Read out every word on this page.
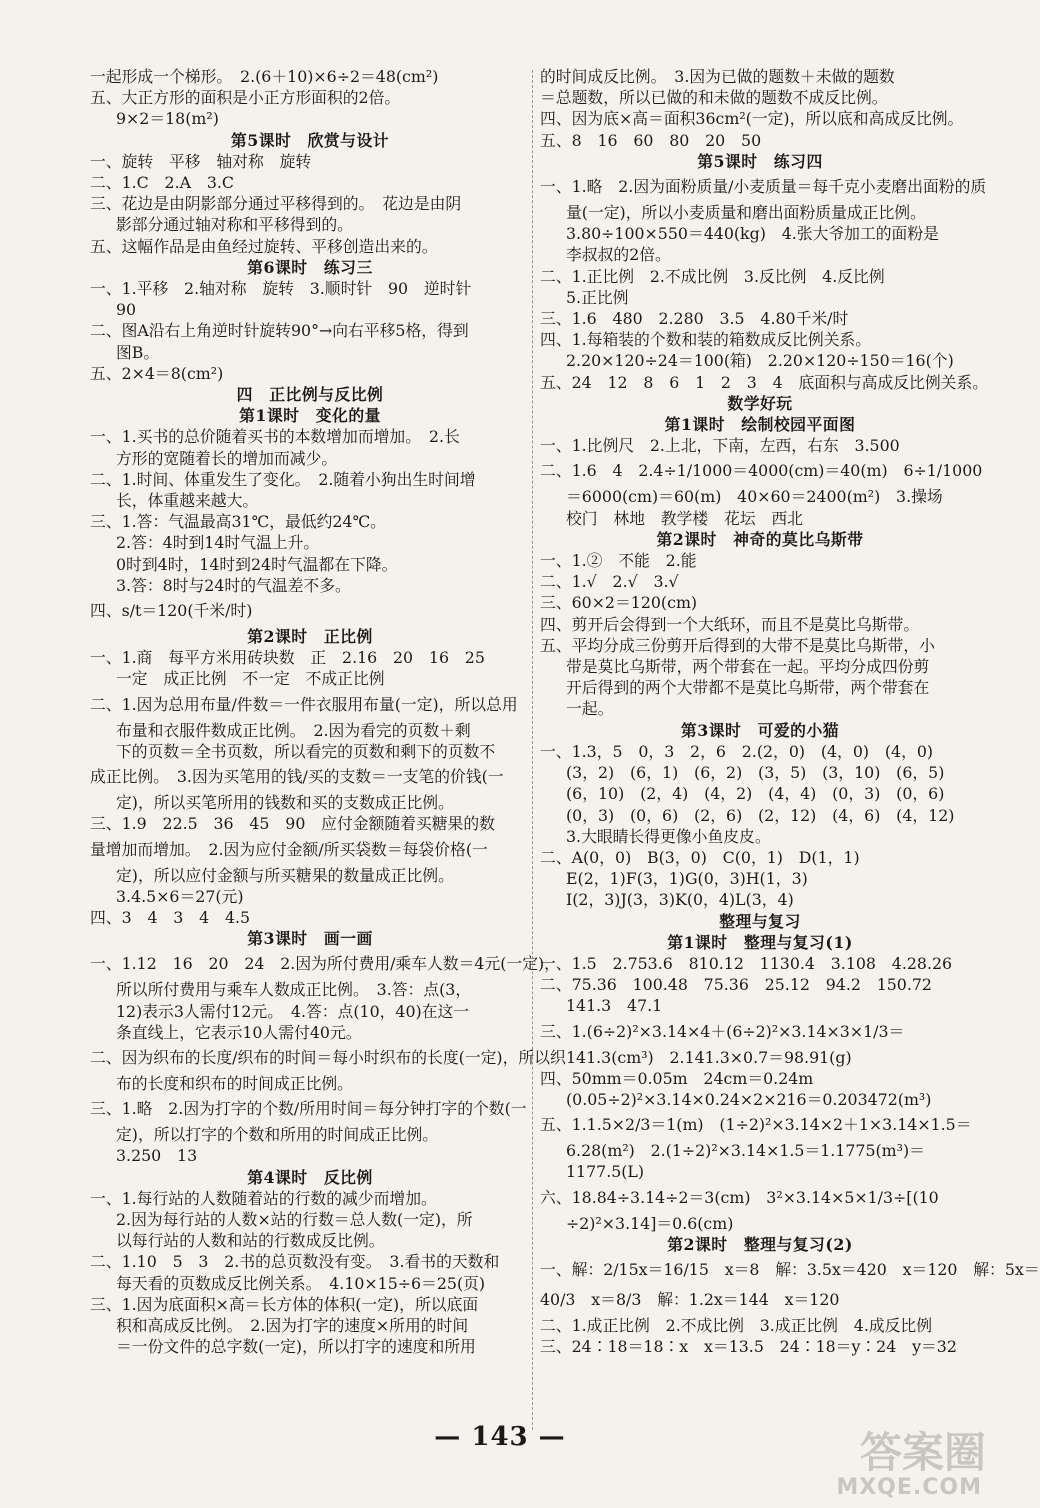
一起形成一个梯形。　2.(6＋10)×6÷2＝48(cm²)
五、大正方形的面积是小正方形面积的2倍。
9×2＝18(m²)
第5课时　欣赏与设计
一、旋转　平移　轴对称　旋转
二、1.C　2.A　3.C
三、花边是由阴影部分通过平移得到的。　花边是由阴
影部分通过轴对称和平移得到的。
五、这幅作品是由鱼经过旋转、平移创造出来的。
第6课时　练习三
一、1.平移　2.轴对称　旋转　3.顺时针　90　逆时针
90
二、图A沿右上角逆时针旋转90°→向右平移5格，得到
图B。
五、2×4＝8(cm²)
四　正比例与反比例
第1课时　变化的量
一、1.买书的总价随着买书的本数增加而增加。　2.长
方形的宽随着长的增加而减少。
二、1.时间、体重发生了变化。　2.随着小狗出生时间增
长，体重越来越大。
三、1.答：气温最高31℃，最低约24℃。
2.答：4时到14时气温上升。
0时到4时，14时到24时气温都在下降。
3.答：8时与24时的气温差不多。
四、s/t＝120(千米/时)
第2课时　正比例
一、1.商　每平方米用砖块数　正　2.16　20　16　25
一定　成正比例　不一定　不成正比例
二、1.因为总用布量/件数＝一件衣服用布量(一定)，所以总用
布量和衣服件数成正比例。　2.因为看完的页数＋剩
下的页数＝全书页数，所以看完的页数和剩下的页数不
成正比例。　3.因为买笔用的钱/买的支数＝一支笔的价钱(一
定)，所以买笔所用的钱数和买的支数成正比例。
三、1.9　22.5　36　45　90　应付金额随着买糖果的数
量增加而增加。　2.因为应付金额/所买袋数＝每袋价格(一
定)，所以应付金额与所买糖果的数量成正比例。
3.4.5×6＝27(元)
四、3　4　3　4　4.5
第3课时　画一画
一、1.12　16　20　24　2.因为所付费用/乘车人数＝4元(一定)，
所以所付费用与乘车人数成正比例。　3.答：点(3，
12)表示3人需付12元。　4.答：点(10，40)在这一
条直线上，它表示10人需付40元。
二、因为织布的长度/织布的时间＝每小时织布的长度(一定)，所以织
布的长度和织布的时间成正比例。
三、1.略　2.因为打字的个数/所用时间＝每分钟打字的个数(一
定)，所以打字的个数和所用的时间成正比例。
3.250　13
第4课时　反比例
一、1.每行站的人数随着站的行数的减少而增加。
2.因为每行站的人数×站的行数＝总人数(一定)，所
以每行站的人数和站的行数成反比例。
二、1.10　5　3　2.书的总页数没有变。　3.看书的天数和
每天看的页数成反比例关系。　4.10×15÷6＝25(页)
三、1.因为底面积×高＝长方体的体积(一定)，所以底面
积和高成反比例。　2.因为打字的速度×所用的时间
＝一份文件的总字数(一定)，所以打字的速度和所用
的时间成反比例。　3.因为已做的题数＋未做的题数
＝总题数，所以已做的和未做的题数不成反比例。
四、因为底×高＝面积36cm²(一定)，所以底和高成反比例。
五、8　16　60　80　20　50
第5课时　练习四
一、1.略　2.因为面粉质量/小麦质量＝每千克小麦磨出面粉的质
量(一定)，所以小麦质量和磨出面粉质量成正比例。
3.80÷100×550＝440(kg)　4.张大爷加工的面粉是
李叔叔的2倍。
二、1.正比例　2.不成比例　3.反比例　4.反比例
5.正比例
三、1.6　480　2.280　3.5　4.80千米/时
四、1.每箱装的个数和装的箱数成反比例关系。
2.20×120÷24＝100(箱)　2.20×120÷150＝16(个)
五、24　12　8　6　1　2　3　4　底面积与高成反比例关系。
数学好玩
第1课时　绘制校园平面图
一、1.比例尺　2.上北，下南，左西，右东　3.500
二、1.6　4　2.4÷1/1000＝4000(cm)＝40(m)　6÷1/1000
＝6000(cm)＝60(m)　40×60＝2400(m²)　3.操场
校门　林地　教学楼　花坛　西北
第2课时　神奇的莫比乌斯带
一、1.②　不能　2.能
二、1.√　2.√　3.√
三、60×2＝120(cm)
四、剪开后会得到一个大纸环，而且不是莫比乌斯带。
五、平均分成三份剪开后得到的大带不是莫比乌斯带，小
带是莫比乌斯带，两个带套在一起。平均分成四份剪
开后得到的两个大带都不是莫比乌斯带，两个带套在
一起。
第3课时　可爱的小猫
一、1.3，5　0，3　2，6　2.(2，0)　(4，0)　(4，0)
(3，2)　(6，1)　(6，2)　(3，5)　(3，10)　(6，5)
(6，10)　(2，4)　(4，2)　(4，4)　(0，3)　(0，6)
(0，3)　(0，6)　(2，6)　(2，12)　(4，6)　(4，12)
3.大眼睛长得更像小鱼皮皮。
二、A(0，0)　B(3，0)　C(0，1)　D(1，1)
E(2，1)F(3，1)G(0，3)H(1，3)
I(2，3)J(3，3)K(0，4)L(3，4)
整理与复习
第1课时　整理与复习(1)
一、1.5　2.753.6　810.12　1130.4　3.108　4.28.26
二、75.36　100.48　75.36　25.12　94.2　150.72
141.3　47.1
三、1.(6÷2)²×3.14×4＋(6÷2)²×3.14×3×1/3＝
141.3(cm³)　2.141.3×0.7＝98.91(g)
四、50mm＝0.05m　24cm＝0.24m
(0.05÷2)²×3.14×0.24×2×216＝0.203472(m³)
五、1.1.5×2/3＝1(m)　(1÷2)²×3.14×2＋1×3.14×1.5＝
6.28(m²)　2.(1÷2)²×3.14×1.5＝1.1775(m³)＝
1177.5(L)
六、18.84÷3.14÷2＝3(cm)　3²×3.14×5×1/3÷[(10
÷2)²×3.14]＝0.6(cm)
第2课时　整理与复习(2)
一、解：2/15x＝16/15　x＝8　解：3.5x＝420　x＝120　解：5x＝
40/3　x＝8/3　解：1.2x＝144　x＝120
二、1.成正比例　2.不成比例　3.成正比例　4.成反比例
三、24∶18＝18∶x　x＝13.5　24∶18＝y∶24　y＝32
— 143 —	答案圈
MXQE.COM
